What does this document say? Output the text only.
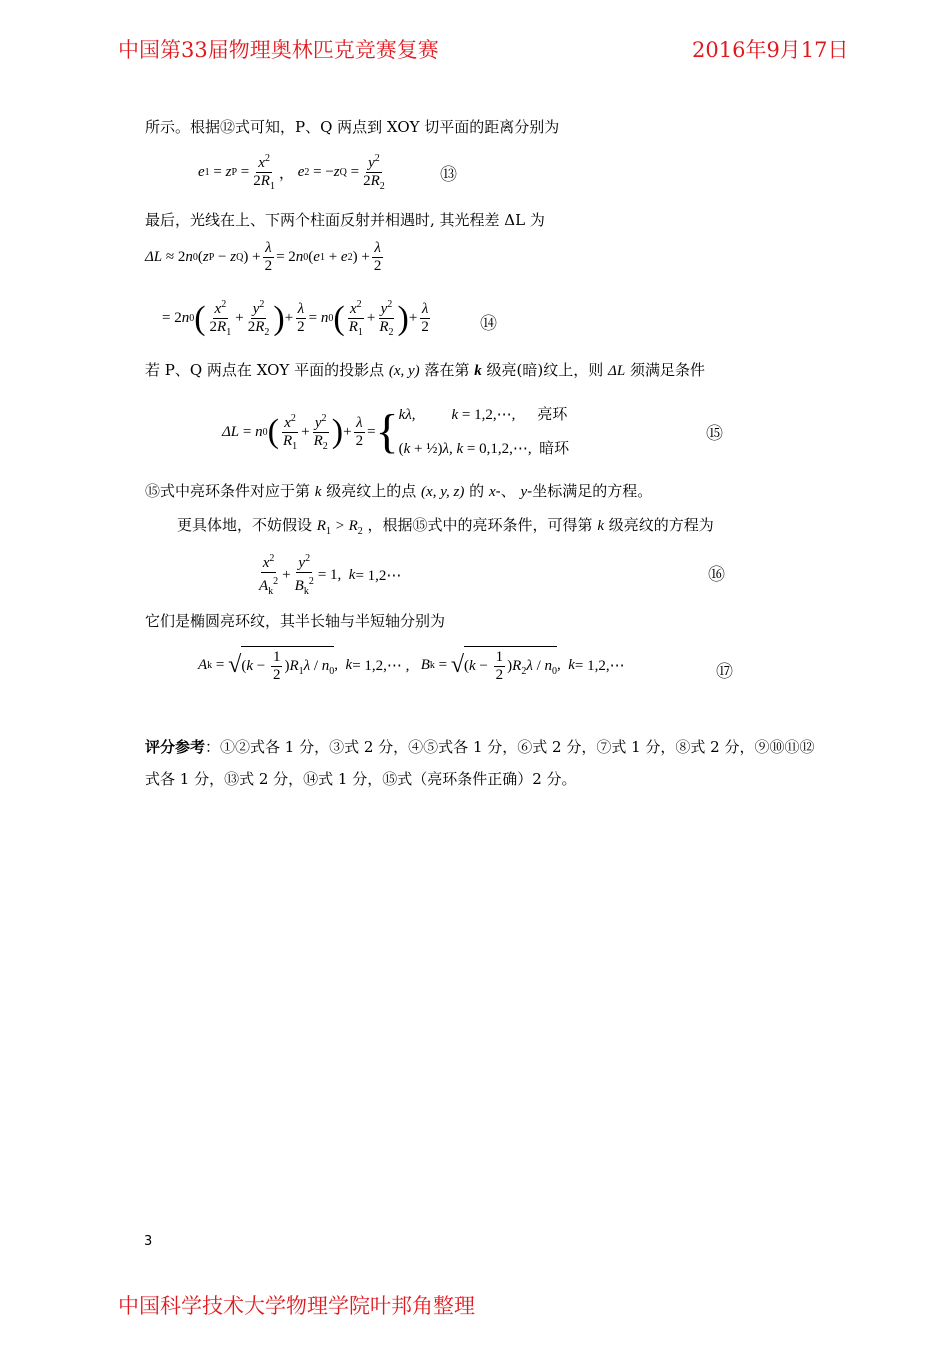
中国第33届物理奥林匹克竞赛复赛	2016年9月17日
所示。根据⑫式可知，P、Q 两点到 XOY 切平面的距离分别为
e 1
= z P
= $\frac{x^2}{2R_1}$ ， e 2
= − z Q
= $\frac{y^2}{2R_2}$	⑬
最后，光线在上、下两个柱面反射并相遇时, 其光程差 ΔL 为
ΔL ≈ 2 n 0 ( z P
− z Q )
+ $\frac{\lambda}{2} = 2$ n 0 ( e 1
+ e 2 )
+ $\frac{\lambda}{2}$
= 2 n 0 ( $\frac{x^2}{2R_1} + \frac{y^2}{2R_2}$ ) + $\frac{\lambda}{2} = n$ 0 ( $\frac{x^2}{R_1} + \frac{y^2}{R_2}$ ) + $\frac{\lambda}{2}$	⑭
若 P、Q 两点在 XOY 平面的投影点 (x, y) 落在第 k 级亮(暗)纹上，则 ΔL 须满足条件
ΔL = n 0 ( $\frac{x^2}{R_1} + \frac{y^2}{R_2}$ ) + $\frac{\lambda}{2}$ = { kλ, k = 1,2,⋯, 亮环
(k + ½)λ, k = 0,1,2,⋯, 暗环
⑮
⑮式中亮环条件对应于第 k 级亮纹上的点 (x, y, z) 的 x-、 y-坐标满足的方程。
更具体地，不妨假设 $R_1 > R_2$ ，根据⑮式中的亮环条件，可得第 k 级亮纹的方程为
$\frac{x^2}{A_k^2} + \frac{y^2}{B_k^2} = 1$, k = 1,2⋯	⑯
它们是椭圆亮环纹，其半长轴与半短轴分别为
A k
=
√ $(k - \frac{1}{2} )R_1\lambda / n_0$ , k = 1,2,⋯ , B k
=
√ $(k - \frac{1}{2} )R_2\lambda / n_0$ , k = 1,2,⋯	⑰
评分参考：①②式各 1 分，③式 2 分，④⑤式各 1 分，⑥式 2 分，⑦式 1 分，⑧式 2 分，⑨⑩⑪⑫
式各 1 分，⑬式 2 分，⑭式 1 分，⑮式（亮环条件正确）2 分。
3
中国科学技术大学物理学院叶邦角整理
